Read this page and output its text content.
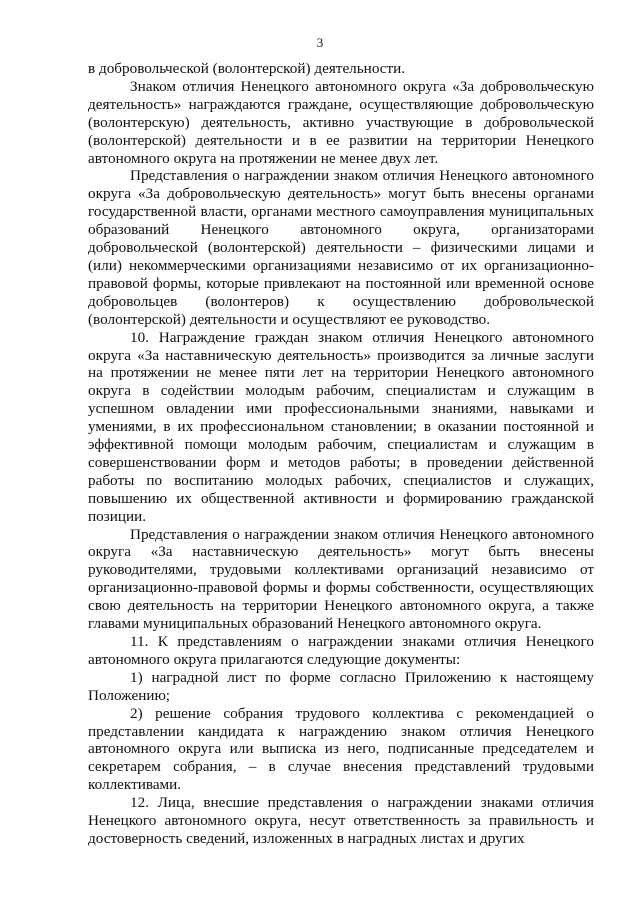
3

в добровольческой (волонтерской) деятельности.

Знаком отличия Ненецкого автономного округа «За добровольческую деятельность» награждаются граждане, осуществляющие добровольческую (волонтерскую) деятельность, активно участвующие в добровольческой (волонтерской) деятельности и в ее развитии на территории Ненецкого автономного округа на протяжении не менее двух лет.

Представления о награждении знаком отличия Ненецкого автономного округа «За добровольческую деятельность» могут быть внесены органами государственной власти, органами местного самоуправления муниципальных образований Ненецкого автономного округа, организаторами добровольческой (волонтерской) деятельности – физическими лицами и (или) некоммерческими организациями независимо от их организационно-правовой формы, которые привлекают на постоянной или временной основе добровольцев (волонтеров) к осуществлению добровольческой (волонтерской) деятельности и осуществляют ее руководство.

10. Награждение граждан знаком отличия Ненецкого автономного округа «За наставническую деятельность» производится за личные заслуги на протяжении не менее пяти лет на территории Ненецкого автономного округа в содействии молодым рабочим, специалистам и служащим в успешном овладении ими профессиональными знаниями, навыками и умениями, в их профессиональном становлении; в оказании постоянной и эффективной помощи молодым рабочим, специалистам и служащим в совершенствовании форм и методов работы; в проведении действенной работы по воспитанию молодых рабочих, специалистов и служащих, повышению их общественной активности и формированию гражданской позиции.

Представления о награждении знаком отличия Ненецкого автономного округа «За наставническую деятельность» могут быть внесены руководителями, трудовыми коллективами организаций независимо от организационно-правовой формы и формы собственности, осуществляющих свою деятельность на территории Ненецкого автономного округа, а также главами муниципальных образований Ненецкого автономного округа.

11. К представлениям о награждении знаками отличия Ненецкого автономного округа прилагаются следующие документы:

1) наградной лист по форме согласно Приложению к настоящему Положению;

2) решение собрания трудового коллектива с рекомендацией о представлении кандидата к награждению знаком отличия Ненецкого автономного округа или выписка из него, подписанные председателем и секретарем собрания, – в случае внесения представлений трудовыми коллективами.

12. Лица, внесшие представления о награждении знаками отличия Ненецкого автономного округа, несут ответственность за правильность и достоверность сведений, изложенных в наградных листах и других
